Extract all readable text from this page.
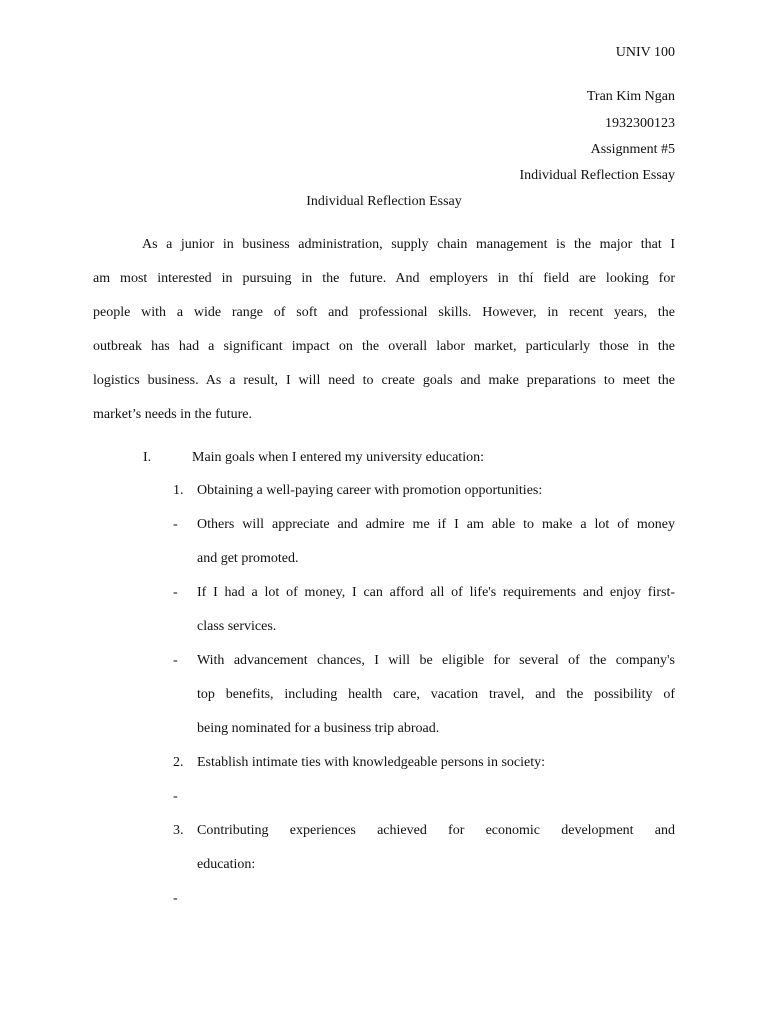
UNIV 100
Tran Kim Ngan
1932300123
Assignment #5
Individual Reflection Essay
Individual Reflection Essay
As a junior in business administration, supply chain management is the major that I
am most interested in pursuing in the future. And employers in thí field are looking for
people with a wide range of soft and professional skills. However, in recent years, the
outbreak has had a significant impact on the overall labor market, particularly those in the
logistics business. As a result, I will need to create goals and make preparations to meet the
market’s needs in the future.
I.	Main goals when I entered my university education:
1. Obtaining a well-paying career with promotion opportunities:
- Others will appreciate and admire me if I am able to make a lot of money
and get promoted.
- If I had a lot of money, I can afford all of life's requirements and enjoy first-
class services.
- With advancement chances, I will be eligible for several of the company's
top benefits, including health care, vacation travel, and the possibility of
being nominated for a business trip abroad.
2. Establish intimate ties with knowledgeable persons in society:
-
3. Contributing experiences achieved for economic development and
education:
-
